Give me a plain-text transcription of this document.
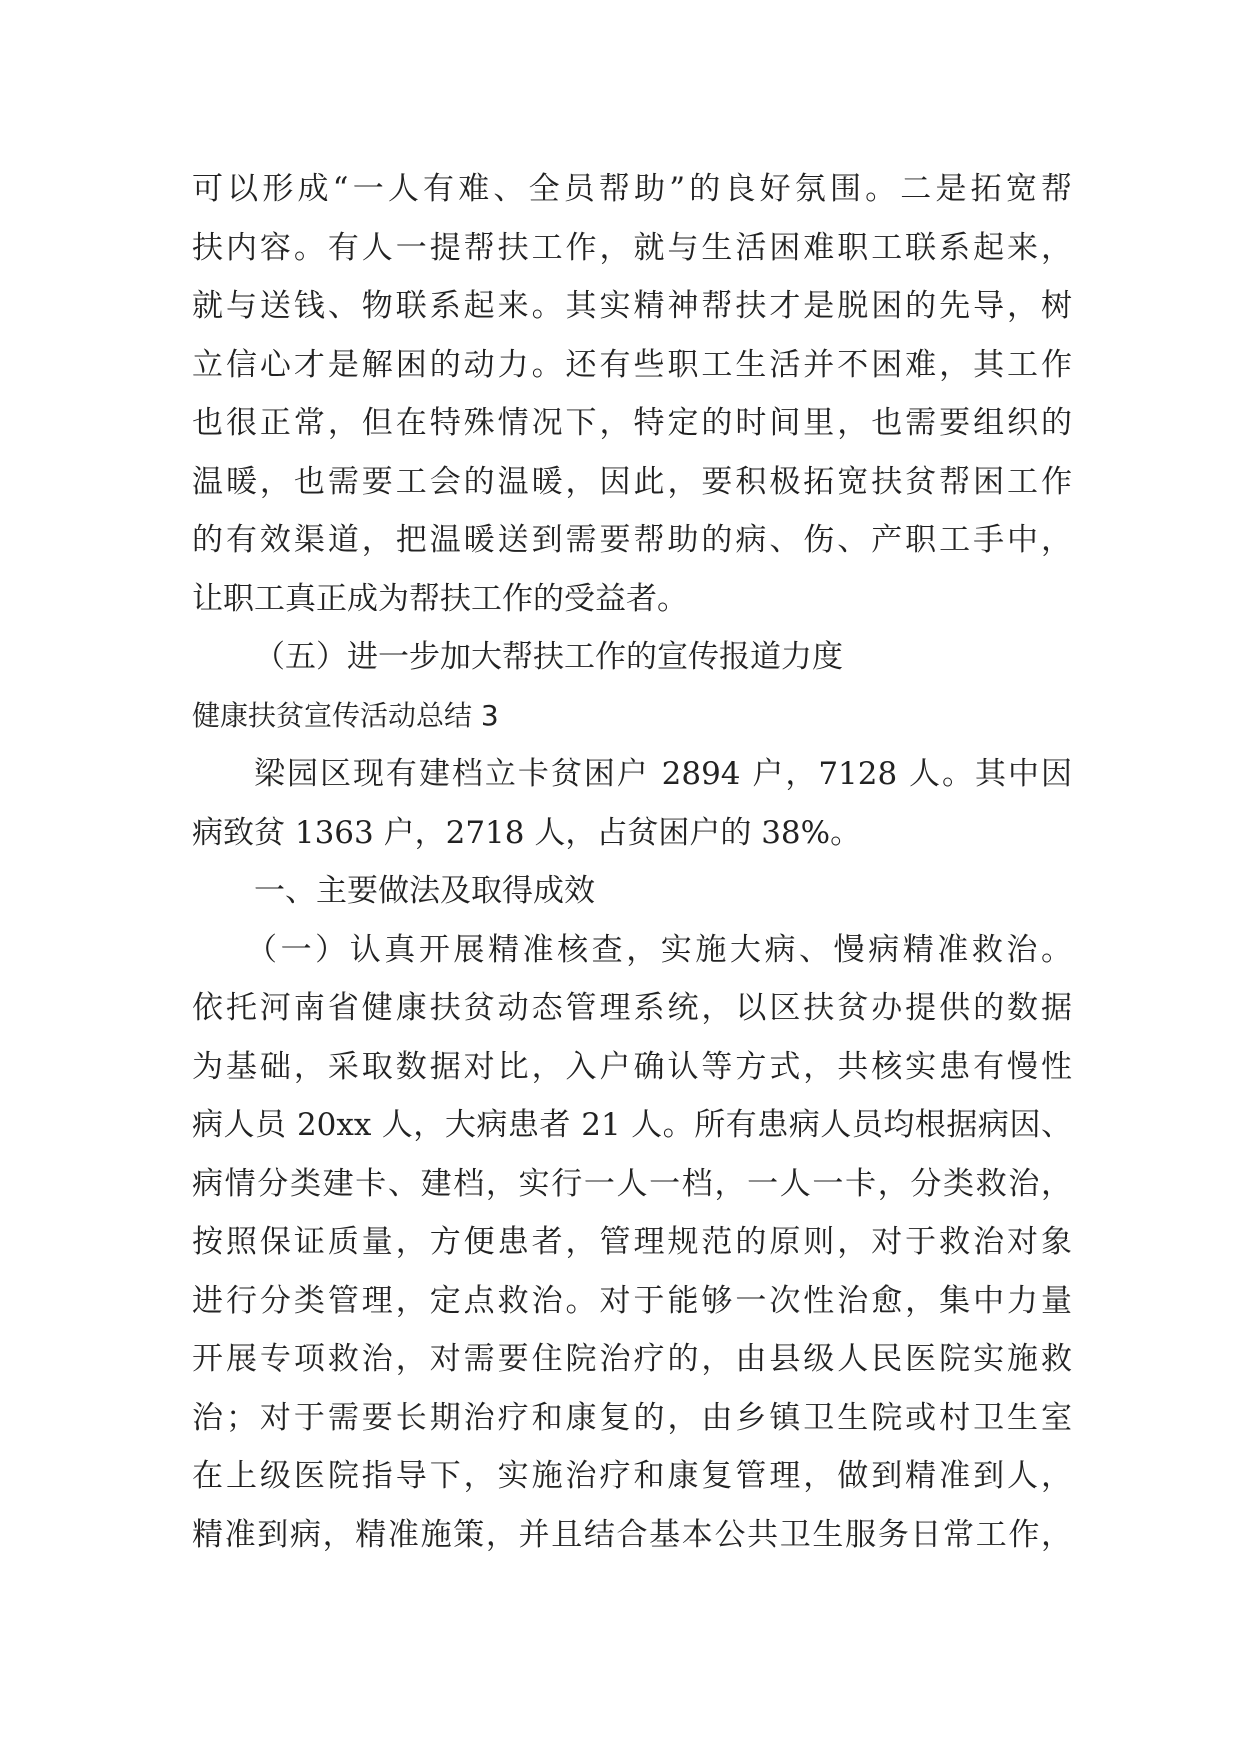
可以形成“一人有难、全员帮助”的良好氛围。二是拓宽帮
扶内容。有人一提帮扶工作，就与生活困难职工联系起来，
就与送钱、物联系起来。其实精神帮扶才是脱困的先导，树
立信心才是解困的动力。还有些职工生活并不困难，其工作
也很正常，但在特殊情况下，特定的时间里，也需要组织的
温暖，也需要工会的温暖，因此，要积极拓宽扶贫帮困工作
的有效渠道，把温暖送到需要帮助的病、伤、产职工手中，
让职工真正成为帮扶工作的受益者。
（五）进一步加大帮扶工作的宣传报道力度
健康扶贫宣传活动总结 3
梁园区现有建档立卡贫困户 2894 户，7128 人。其中因
病致贫 1363 户，2718 人，占贫困户的 38%。
一、主要做法及取得成效
（一）认真开展精准核查，实施大病、慢病精准救治。
依托河南省健康扶贫动态管理系统，以区扶贫办提供的数据
为基础，采取数据对比，入户确认等方式，共核实患有慢性
病人员 20xx 人，大病患者 21 人。所有患病人员均根据病因、
病情分类建卡、建档，实行一人一档，一人一卡，分类救治，
按照保证质量，方便患者，管理规范的原则，对于救治对象
进行分类管理，定点救治。对于能够一次性治愈，集中力量
开展专项救治，对需要住院治疗的，由县级人民医院实施救
治；对于需要长期治疗和康复的，由乡镇卫生院或村卫生室
在上级医院指导下，实施治疗和康复管理，做到精准到人，
精准到病，精准施策，并且结合基本公共卫生服务日常工作，
